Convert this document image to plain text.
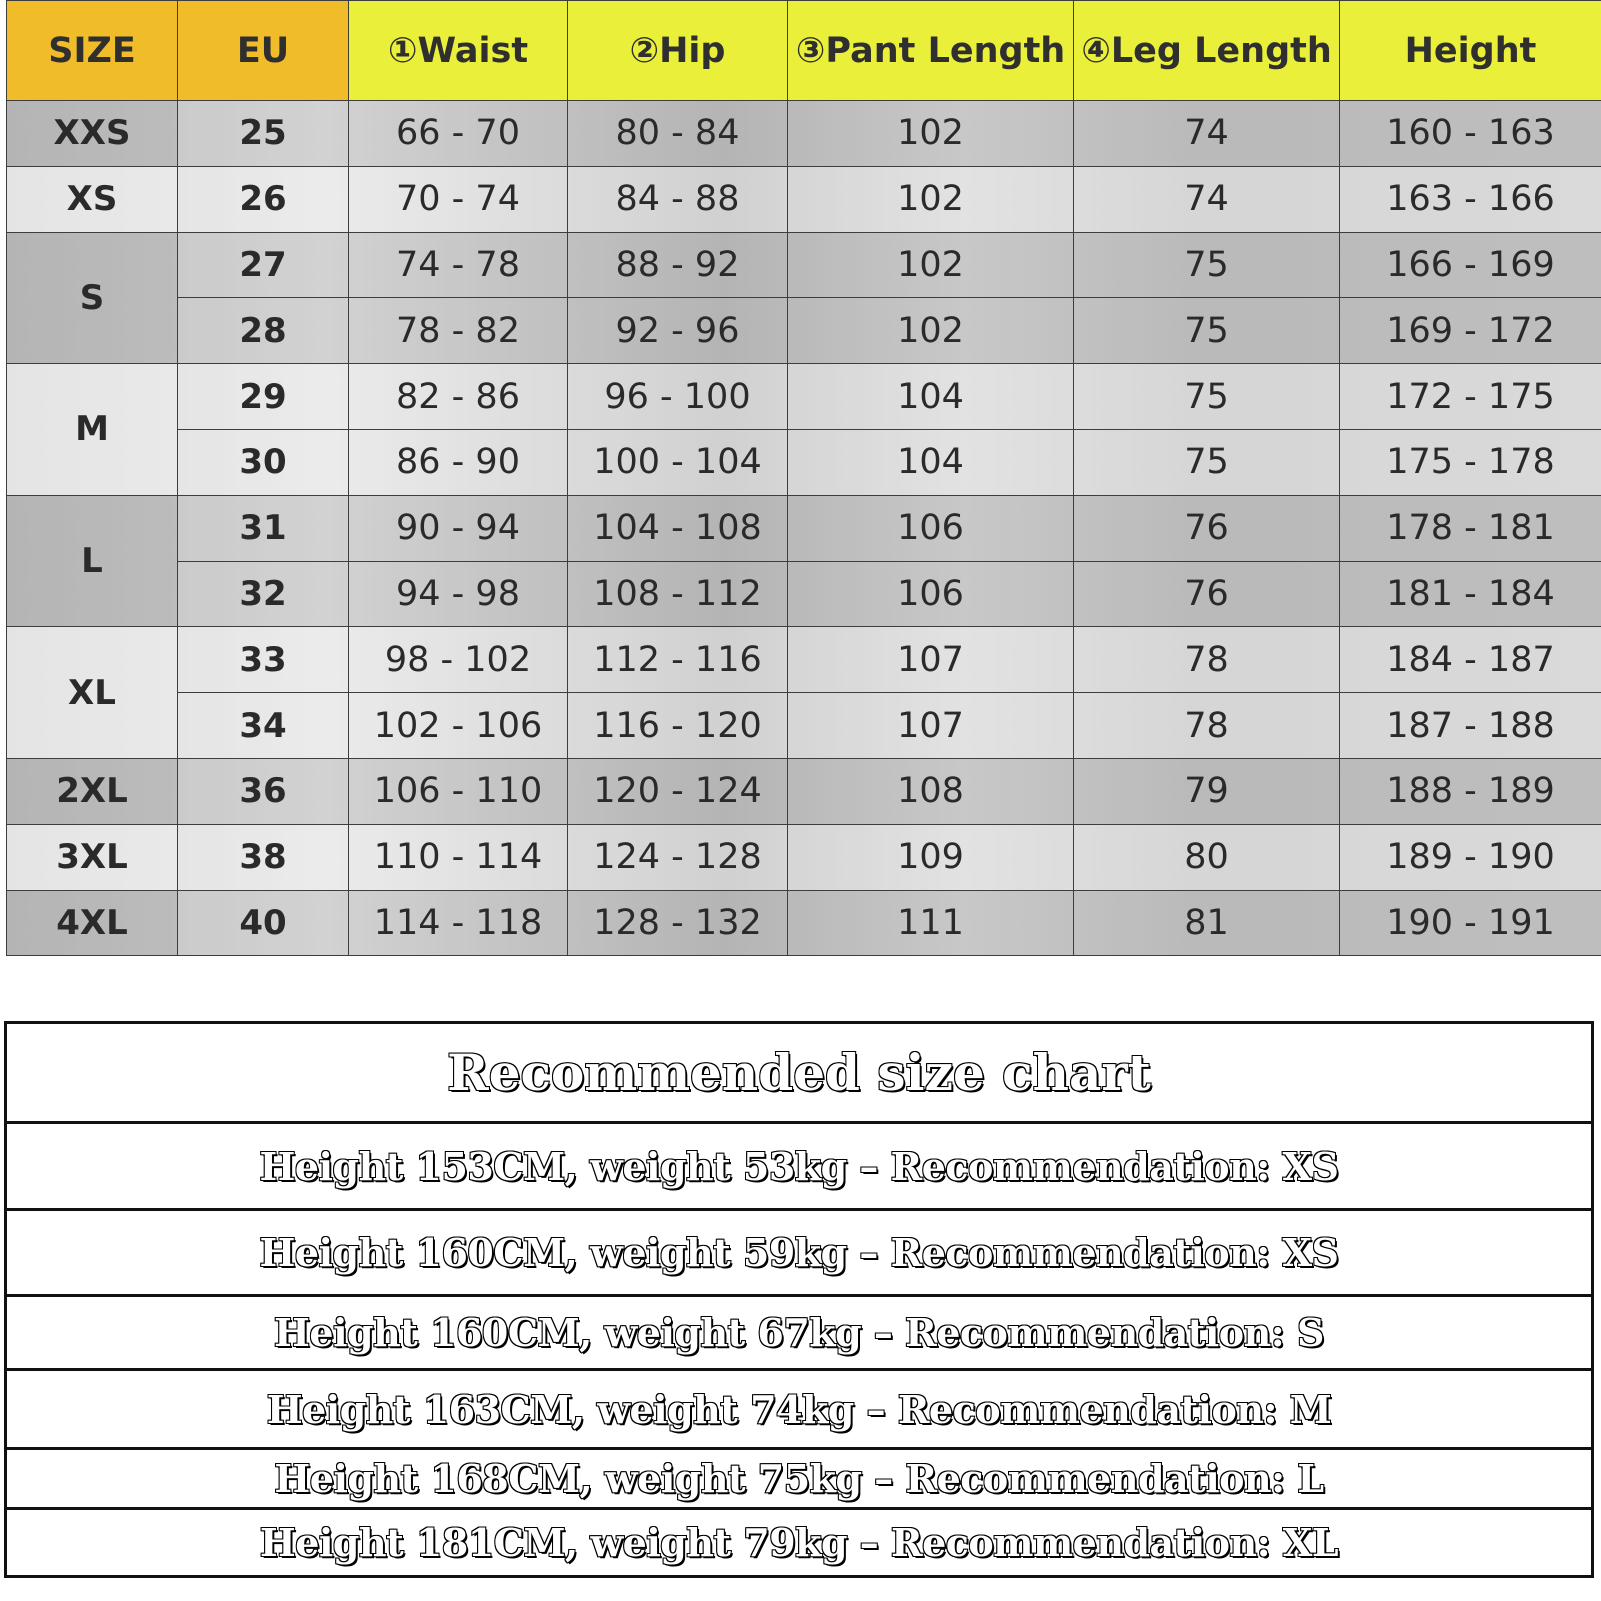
SIZE	EU	①Waist	②Hip	③Pant Length	④Leg Length	Height
XXS	25	66 - 70	80 - 84	102	74	160 - 163
XS	26	70 - 74	84 - 88	102	74	163 - 166
S	27	74 - 78	88 - 92	102	75	166 - 169
	28	78 - 82	92 - 96	102	75	169 - 172
M	29	82 - 86	96 - 100	104	75	172 - 175
	30	86 - 90	100 - 104	104	75	175 - 178
L	31	90 - 94	104 - 108	106	76	178 - 181
	32	94 - 98	108 - 112	106	76	181 - 184
XL	33	98 - 102	112 - 116	107	78	184 - 187
	34	102 - 106	116 - 120	107	78	187 - 188
2XL	36	106 - 110	120 - 124	108	79	188 - 189
3XL	38	110 - 114	124 - 128	109	80	189 - 190
4XL	40	114 - 118	128 - 132	111	81	190 - 191
Recommended size chart
Height 153CM, weight 53kg – Recommendation: XS
Height 160CM, weight 59kg – Recommendation: XS
Height 160CM, weight 67kg – Recommendation: S
Height 163CM, weight 74kg – Recommendation: M
Height 168CM, weight 75kg – Recommendation: L
Height 181CM, weight 79kg – Recommendation: XL
